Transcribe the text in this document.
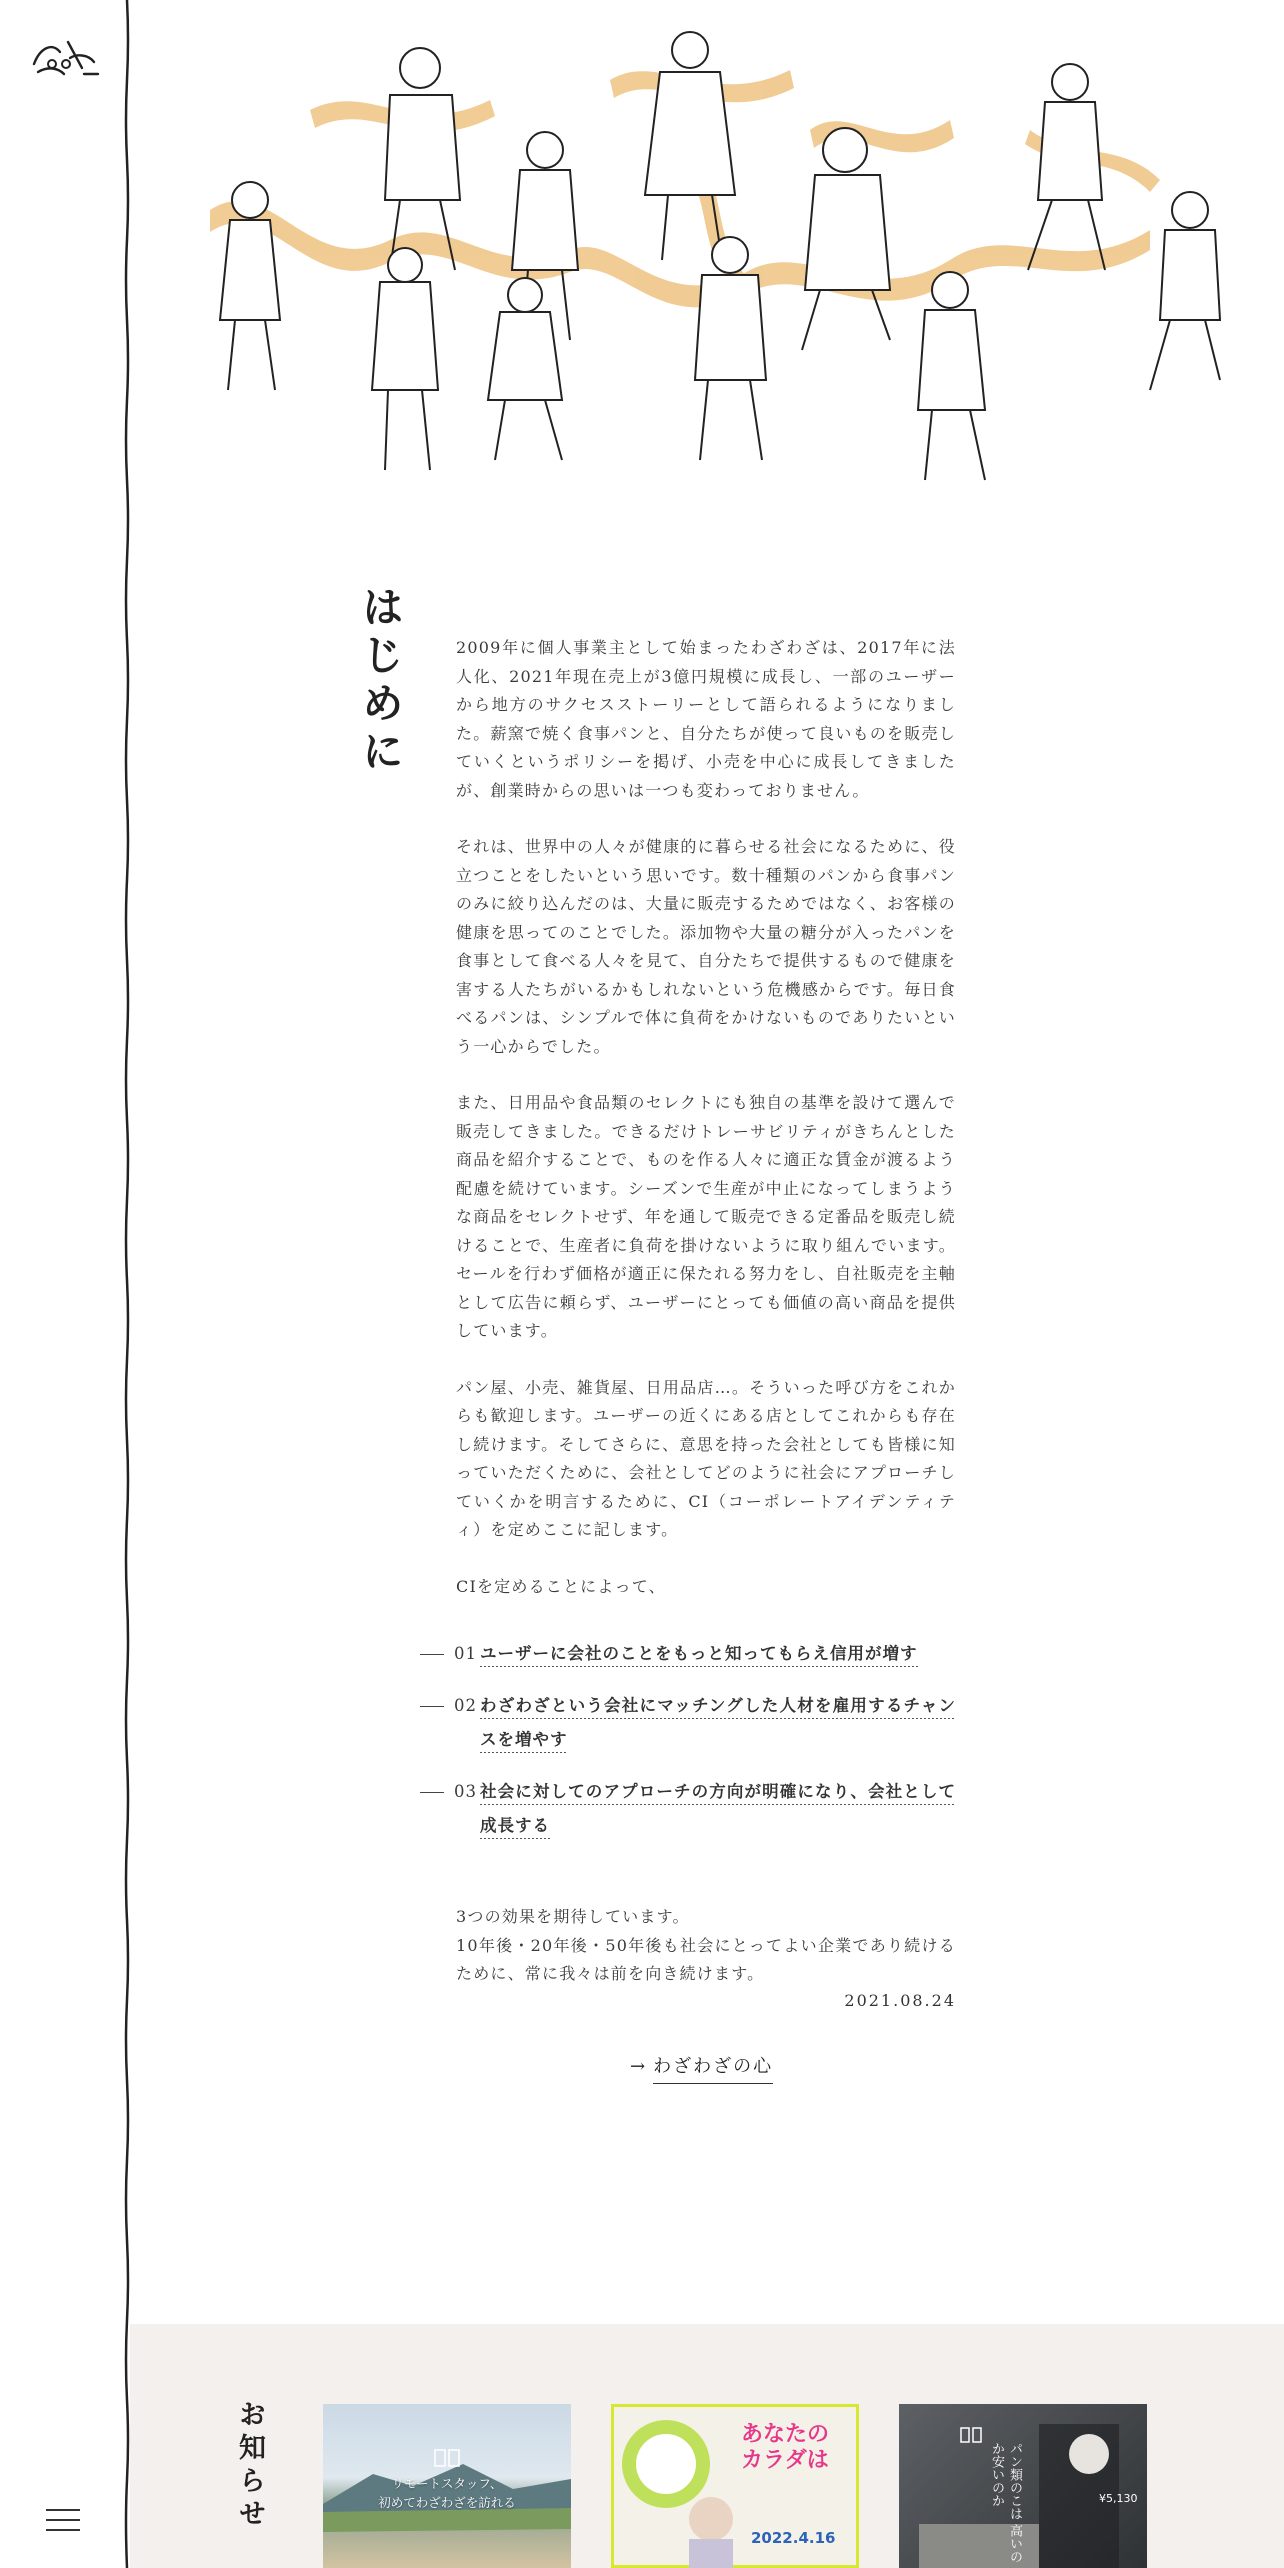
はじめに	2009年に個人事業主として始まったわざわざは、2017年に法人化、2021年現在売上が3億円規模に成長し、一部のユーザーから地方のサクセスストーリーとして語られるようになりました。薪窯で焼く食事パンと、自分たちが使って良いものを販売していくというポリシーを掲げ、小売を中心に成長してきましたが、創業時からの思いは一つも変わっておりません。

それは、世界中の人々が健康的に暮らせる社会になるために、役立つことをしたいという思いです。数十種類のパンから食事パンのみに絞り込んだのは、大量に販売するためではなく、お客様の健康を思ってのことでした。添加物や大量の糖分が入ったパンを食事として食べる人々を見て、自分たちで提供するもので健康を害する人たちがいるかもしれないという危機感からです。毎日食べるパンは、シンプルで体に負荷をかけないものでありたいという一心からでした。

また、日用品や食品類のセレクトにも独自の基準を設けて選んで販売してきました。できるだけトレーサビリティがきちんとした商品を紹介することで、ものを作る人々に適正な賃金が渡るよう配慮を続けています。シーズンで生産が中止になってしまうような商品をセレクトせず、年を通して販売できる定番品を販売し続けることで、生産者に負荷を掛けないように取り組んでいます。セールを行わず価格が適正に保たれる努力をし、自社販売を主軸として広告に頼らず、ユーザーにとっても価値の高い商品を提供しています。

パン屋、小売、雑貨屋、日用品店…。そういった呼び方をこれからも歓迎します。ユーザーの近くにある店としてこれからも存在し続けます。そしてさらに、意思を持った会社としても皆様に知っていただくために、会社としてどのように社会にアプローチしていくかを明言するために、CI（コーポレートアイデンティティ）を定めここに記します。

CIを定めることによって、

01 ユーザーに会社のことをもっと知ってもらえ信用が増す
02 わざわざという会社にマッチングした人材を雇用するチャンスを増やす
03 社会に対してのアプローチの方向が明確になり、会社として成長する

3つの効果を期待しています。

10年後・20年後・50年後も社会にとってよい企業であり続けるために、常に我々は前を向き続けます。

2021.08.24
→ わざわざの心
お知らせ	リモートスタッフ、
初めてわざわざを訪れる
あなたの
カラダは
2022.4.16	パン類のこは 高いのか安いのか	¥5,130
